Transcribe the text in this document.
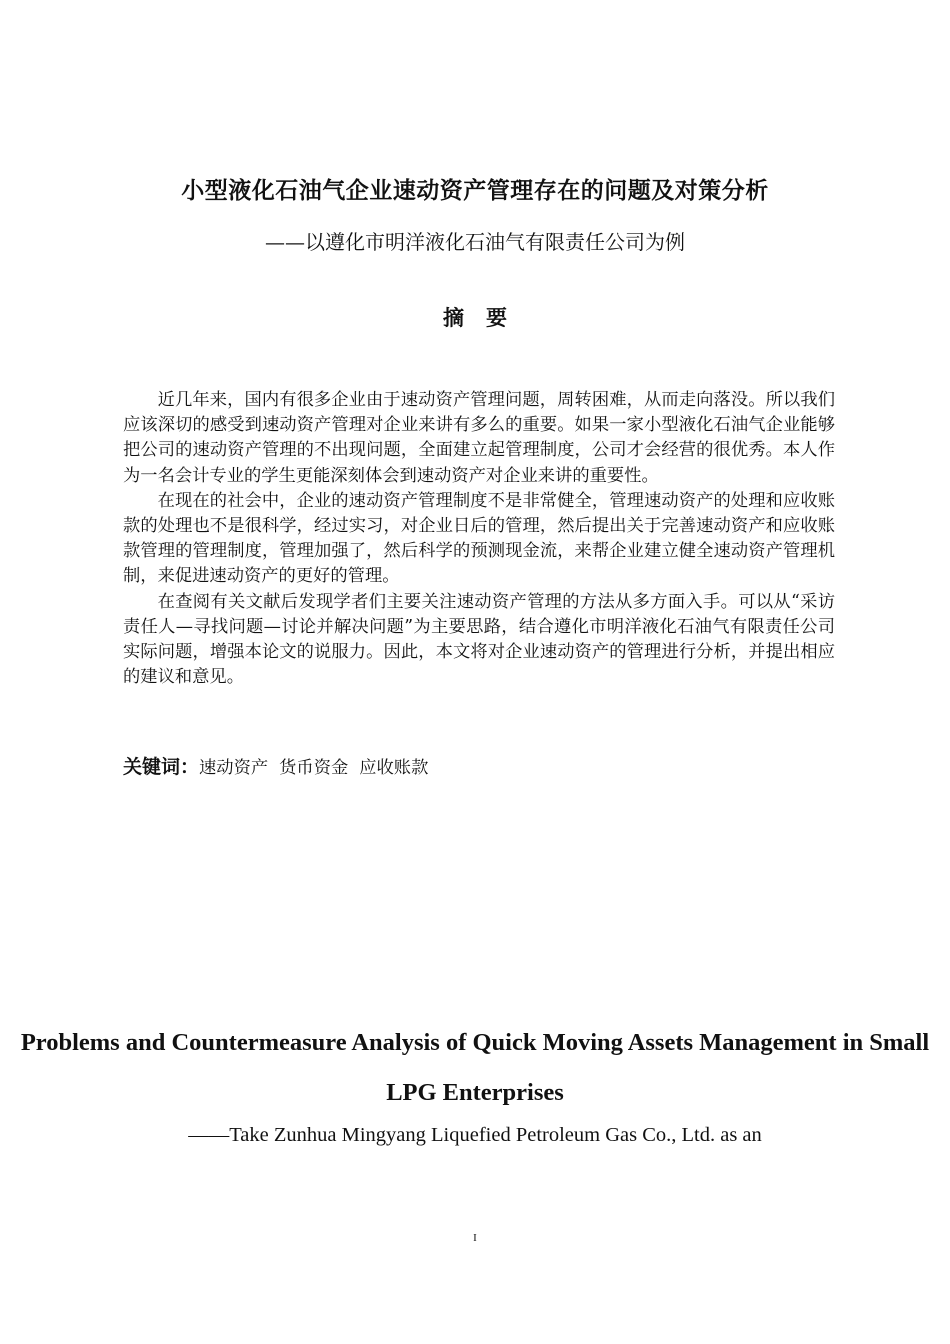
小型液化石油气企业速动资产管理存在的问题及对策分析
——以遵化市明洋液化石油气有限责任公司为例
摘要

近几年来，国内有很多企业由于速动资产管理问题，周转困难，从而走向落没。所以我们应该深切的感受到速动资产管理对企业来讲有多么的重要。如果一家小型液化石油气企业能够把公司的速动资产管理的不出现问题，全面建立起管理制度，公司才会经营的很优秀。本人作为一名会计专业的学生更能深刻体会到速动资产对企业来讲的重要性。

在现在的社会中，企业的速动资产管理制度不是非常健全，管理速动资产的处理和应收账款的处理也不是很科学，经过实习，对企业日后的管理，然后提出关于完善速动资产和应收账款管理的管理制度，管理加强了，然后科学的预测现金流，来帮企业建立健全速动资产管理机制，来促进速动资产的更好的管理。

在查阅有关文献后发现学者们主要关注速动资产管理的方法从多方面入手。可以从“采访责任人—寻找问题—讨论并解决问题”为主要思路，结合遵化市明洋液化石油气有限责任公司实际问题，增强本论文的说服力。因此，本文将对企业速动资产的管理进行分析，并提出相应的建议和意见。

关键词：速动资产  货币资金  应收账款
Problems and Countermeasure Analysis of Quick Moving Assets Management in Small LPG Enterprises
——Take Zunhua Mingyang Liquefied Petroleum Gas Co., Ltd. as an
I
